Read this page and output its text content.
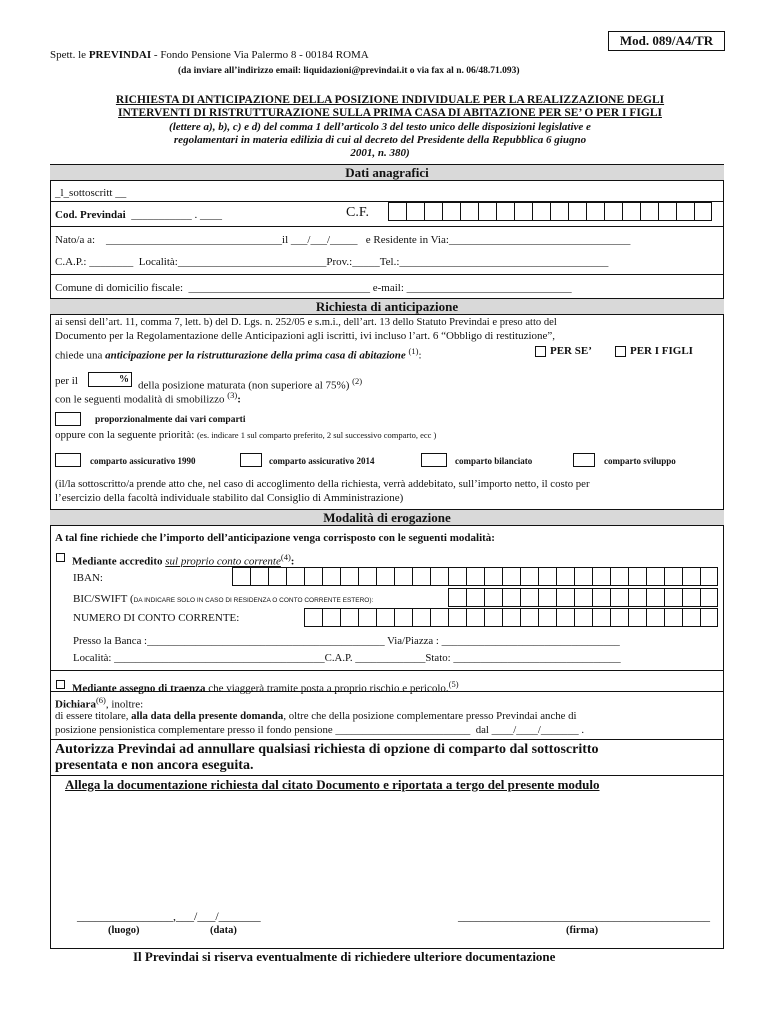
Mod. 089/A4/TR
Spett. le PREVINDAI - Fondo Pensione Via Palermo 8 - 00184 ROMA
(da inviare all’indirizzo email: liquidazioni@previndai.it o via fax al n. 06/48.71.093)
RICHIESTA DI ANTICIPAZIONE DELLA POSIZIONE INDIVIDUALE PER LA REALIZZAZIONE DEGLI
INTERVENTI DI RISTRUTTURAZIONE SULLA PRIMA CASA DI ABITAZIONE PER SE’ O PER I FIGLI
(lettere a), b), c) e d) del comma 1 dell’articolo 3 del testo unico delle disposizioni legislative e
regolamentari in materia edilizia di cui al decreto del Presidente della Repubblica 6 giugno
2001, n. 380)
Dati anagrafici
_l_sottoscritt __
Cod. Previndai ___________ . ____	C.F.
Nato/a a: ________________________________il ___/___/_____ e Residente in Via:_________________________________
C.A.P.: ________ Località:___________________________Prov.:_____Tel.:______________________________________
Comune di domicilio fiscale: _________________________________ e-mail: ______________________________
Richiesta di anticipazione
ai sensi dell’art. 11, comma 7, lett. b) del D. Lgs. n. 252/05 e s.m.i., dell’art. 13 dello Statuto Previndai e preso atto del
Documento per la Regolamentazione delle Anticipazioni agli iscritti, ivi incluso l’art. 6 “Obbligo di restituzione”,
chiede una anticipazione per la ristrutturazione della prima casa di abitazione $^{(1)}$:	PER SE’	PER I FIGLI
per il	%
della posizione maturata (non superiore al 75%) $^{(2)}$
con le seguenti modalità di smobilizzo $^{(3)}$:
proporzionalmente dai vari comparti
oppure con la seguente priorità: (es. indicare 1 sul comparto preferito, 2 sul successivo comparto, ecc )
comparto assicurativo 1990	comparto assicurativo 2014	comparto bilanciato	comparto sviluppo
(il/la sottoscritto/a prende atto che, nel caso di accoglimento della richiesta, verrà addebitato, sull’importo netto, il costo per
l’esercizio della facoltà individuale stabilito dal Consiglio di Amministrazione)
Modalità di erogazione
A tal fine richiede che l’importo dell’anticipazione venga corrisposto con le seguenti modalità:
Mediante accredito sul proprio conto corrente$^{(4)}$:
IBAN:
BIC/SWIFT (DA INDICARE SOLO IN CASO DI RESIDENZA O CONTO CORRENTE ESTERO):
NUMERO DI CONTO CORRENTE:
Presso la Banca :____________________________________________ Via/Piazza : _________________________________
Località: _______________________________________C.A.P. _____________Stato: _______________________________
Mediante assegno di traenza che viaggerà tramite posta a proprio rischio e pericolo.$^{(5)}$
Dichiara$^{(6)}$, inoltre:
di essere titolare, alla data della presente domanda, oltre che della posizione complementare presso Previndai anche di
posizione pensionistica complementare presso il fondo pensione _________________________ dal ____/____/_______ .
Autorizza Previndai ad annullare qualsiasi richiesta di opzione di comparto dal sottoscritto
presentata e non ancora eseguita.
Allega la documentazione richiesta dal citato Documento e riportata a tergo del presente modulo
________________,___/___/_______
(luogo)	(data)
__________________________________________
(firma)
Il Previndai si riserva eventualmente di richiedere ulteriore documentazione
